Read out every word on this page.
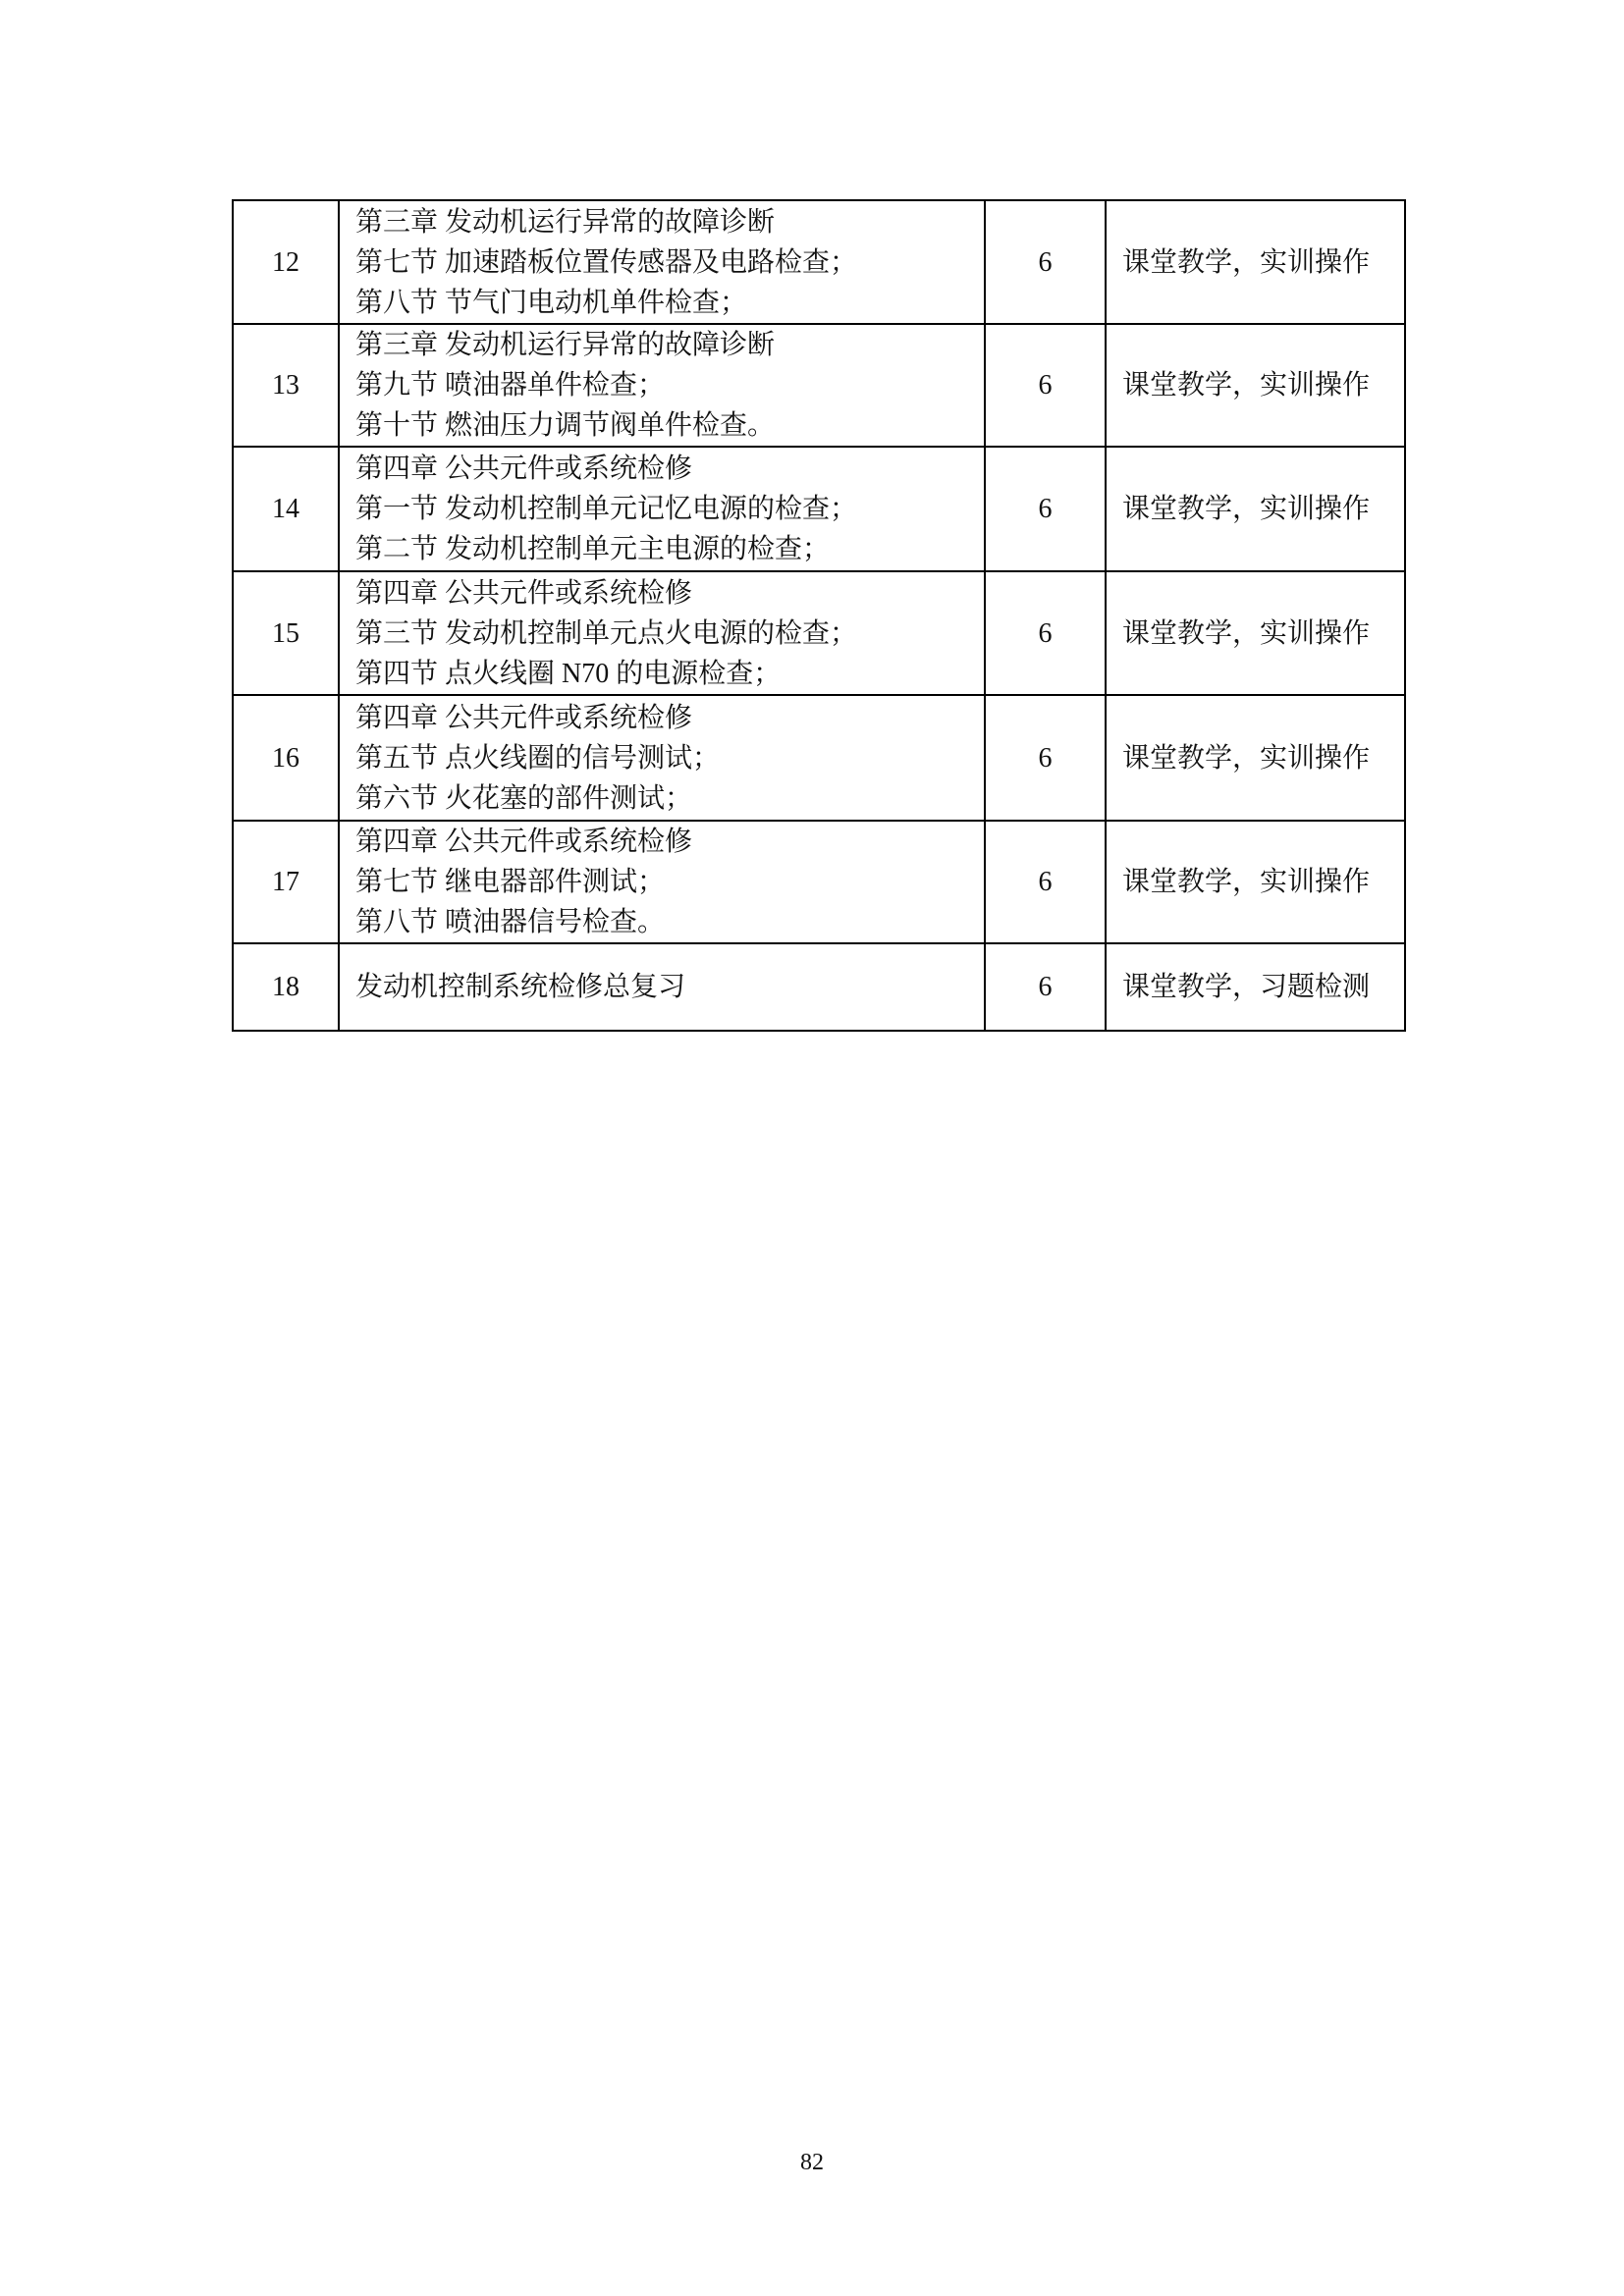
12	第三章 发动机运行异常的故障诊断
第七节 加速踏板位置传感器及电路检查；
第八节 节气门电动机单件检查；	6	课堂教学，实训操作
13	第三章 发动机运行异常的故障诊断
第九节 喷油器单件检查；
第十节 燃油压力调节阀单件检查。	6	课堂教学，实训操作
14	第四章 公共元件或系统检修
第一节 发动机控制单元记忆电源的检查；
第二节 发动机控制单元主电源的检查；	6	课堂教学，实训操作
15	第四章 公共元件或系统检修
第三节 发动机控制单元点火电源的检查；
第四节 点火线圈 N70 的电源检查；	6	课堂教学，实训操作
16	第四章 公共元件或系统检修
第五节 点火线圈的信号测试；
第六节 火花塞的部件测试；	6	课堂教学，实训操作
17	第四章 公共元件或系统检修
第七节 继电器部件测试；
第八节 喷油器信号检查。	6	课堂教学，实训操作
18	发动机控制系统检修总复习	6	课堂教学，习题检测
82
